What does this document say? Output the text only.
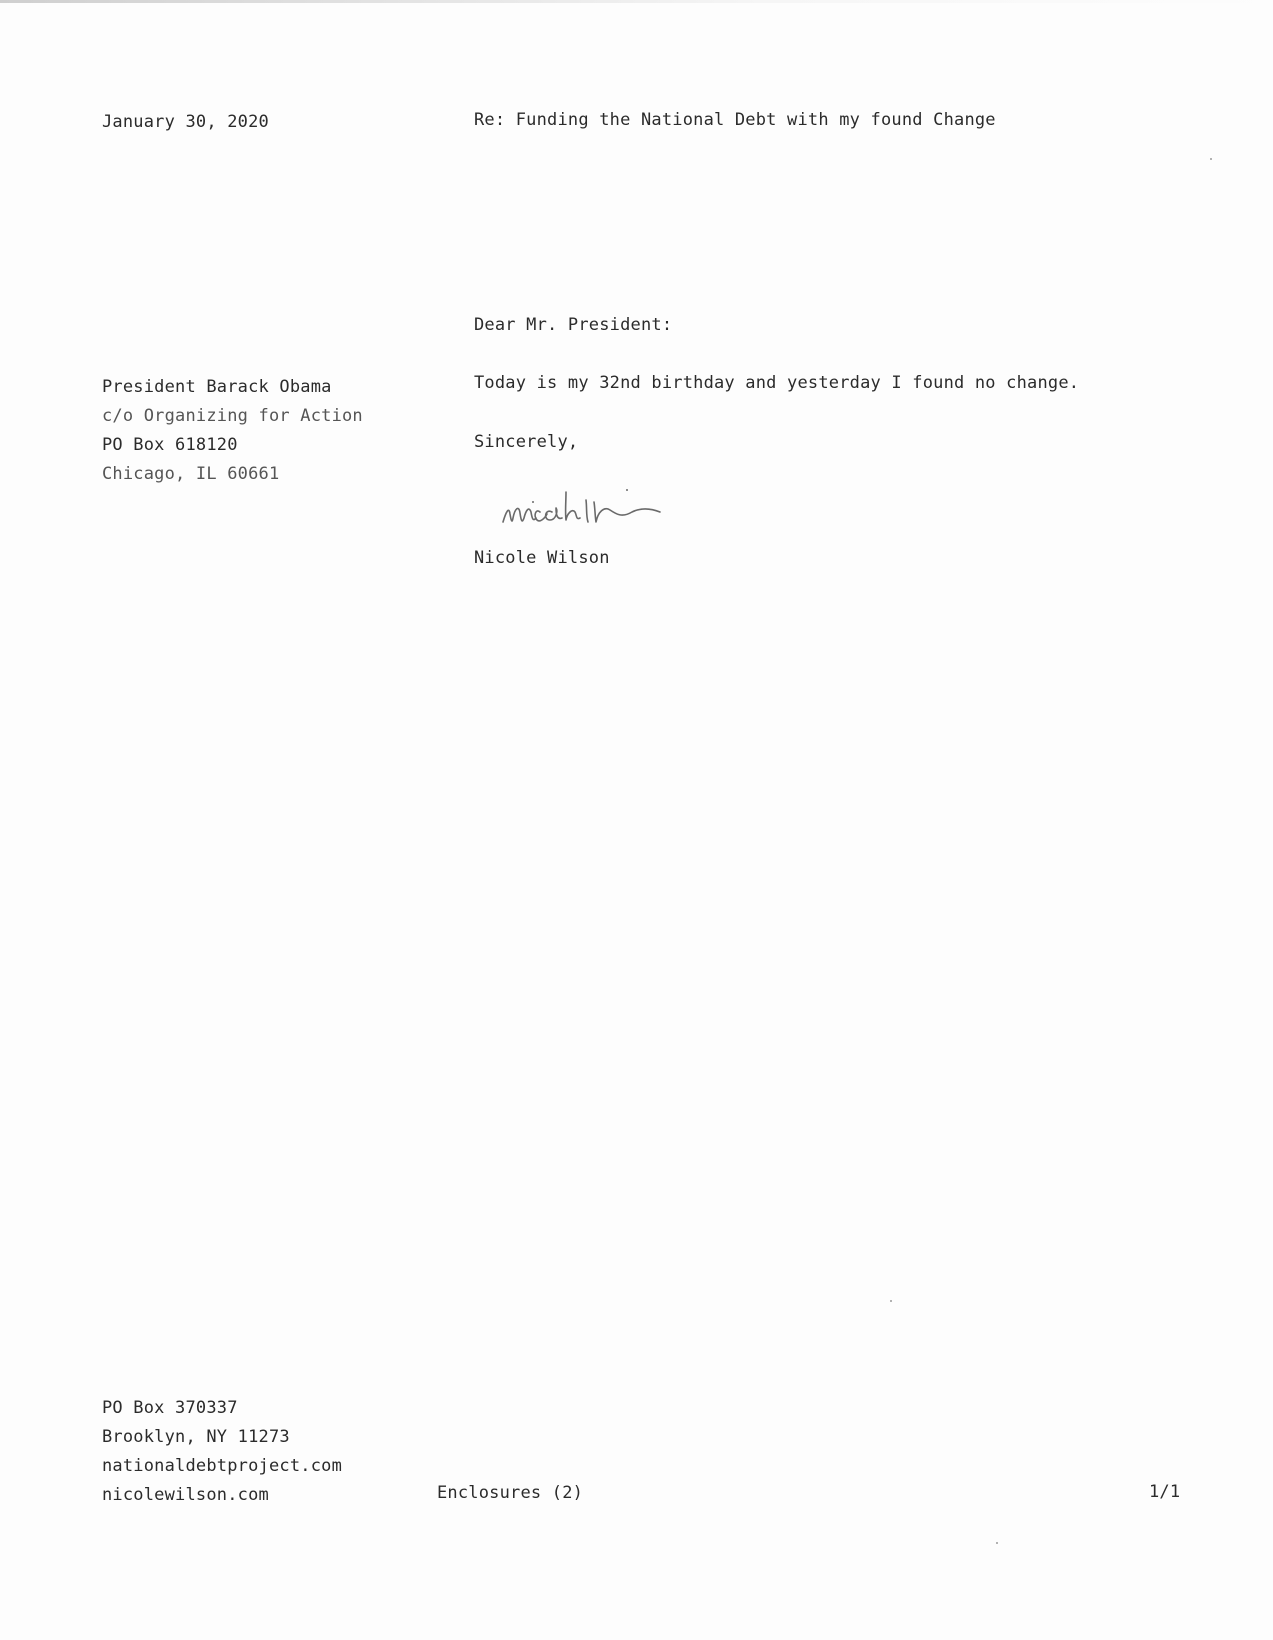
January 30, 2020	Re: Funding the National Debt with my found Change
Dear Mr. President:
President Barack Obama
c/o Organizing for Action
PO Box 618120
Chicago, IL 60661
Today is my 32nd birthday and yesterday I found no change.
Sincerely,
Nicole Wilson
PO Box 370337
Brooklyn, NY 11273
nationaldebtproject.com
nicolewilson.com	Enclosures (2)	1/1
